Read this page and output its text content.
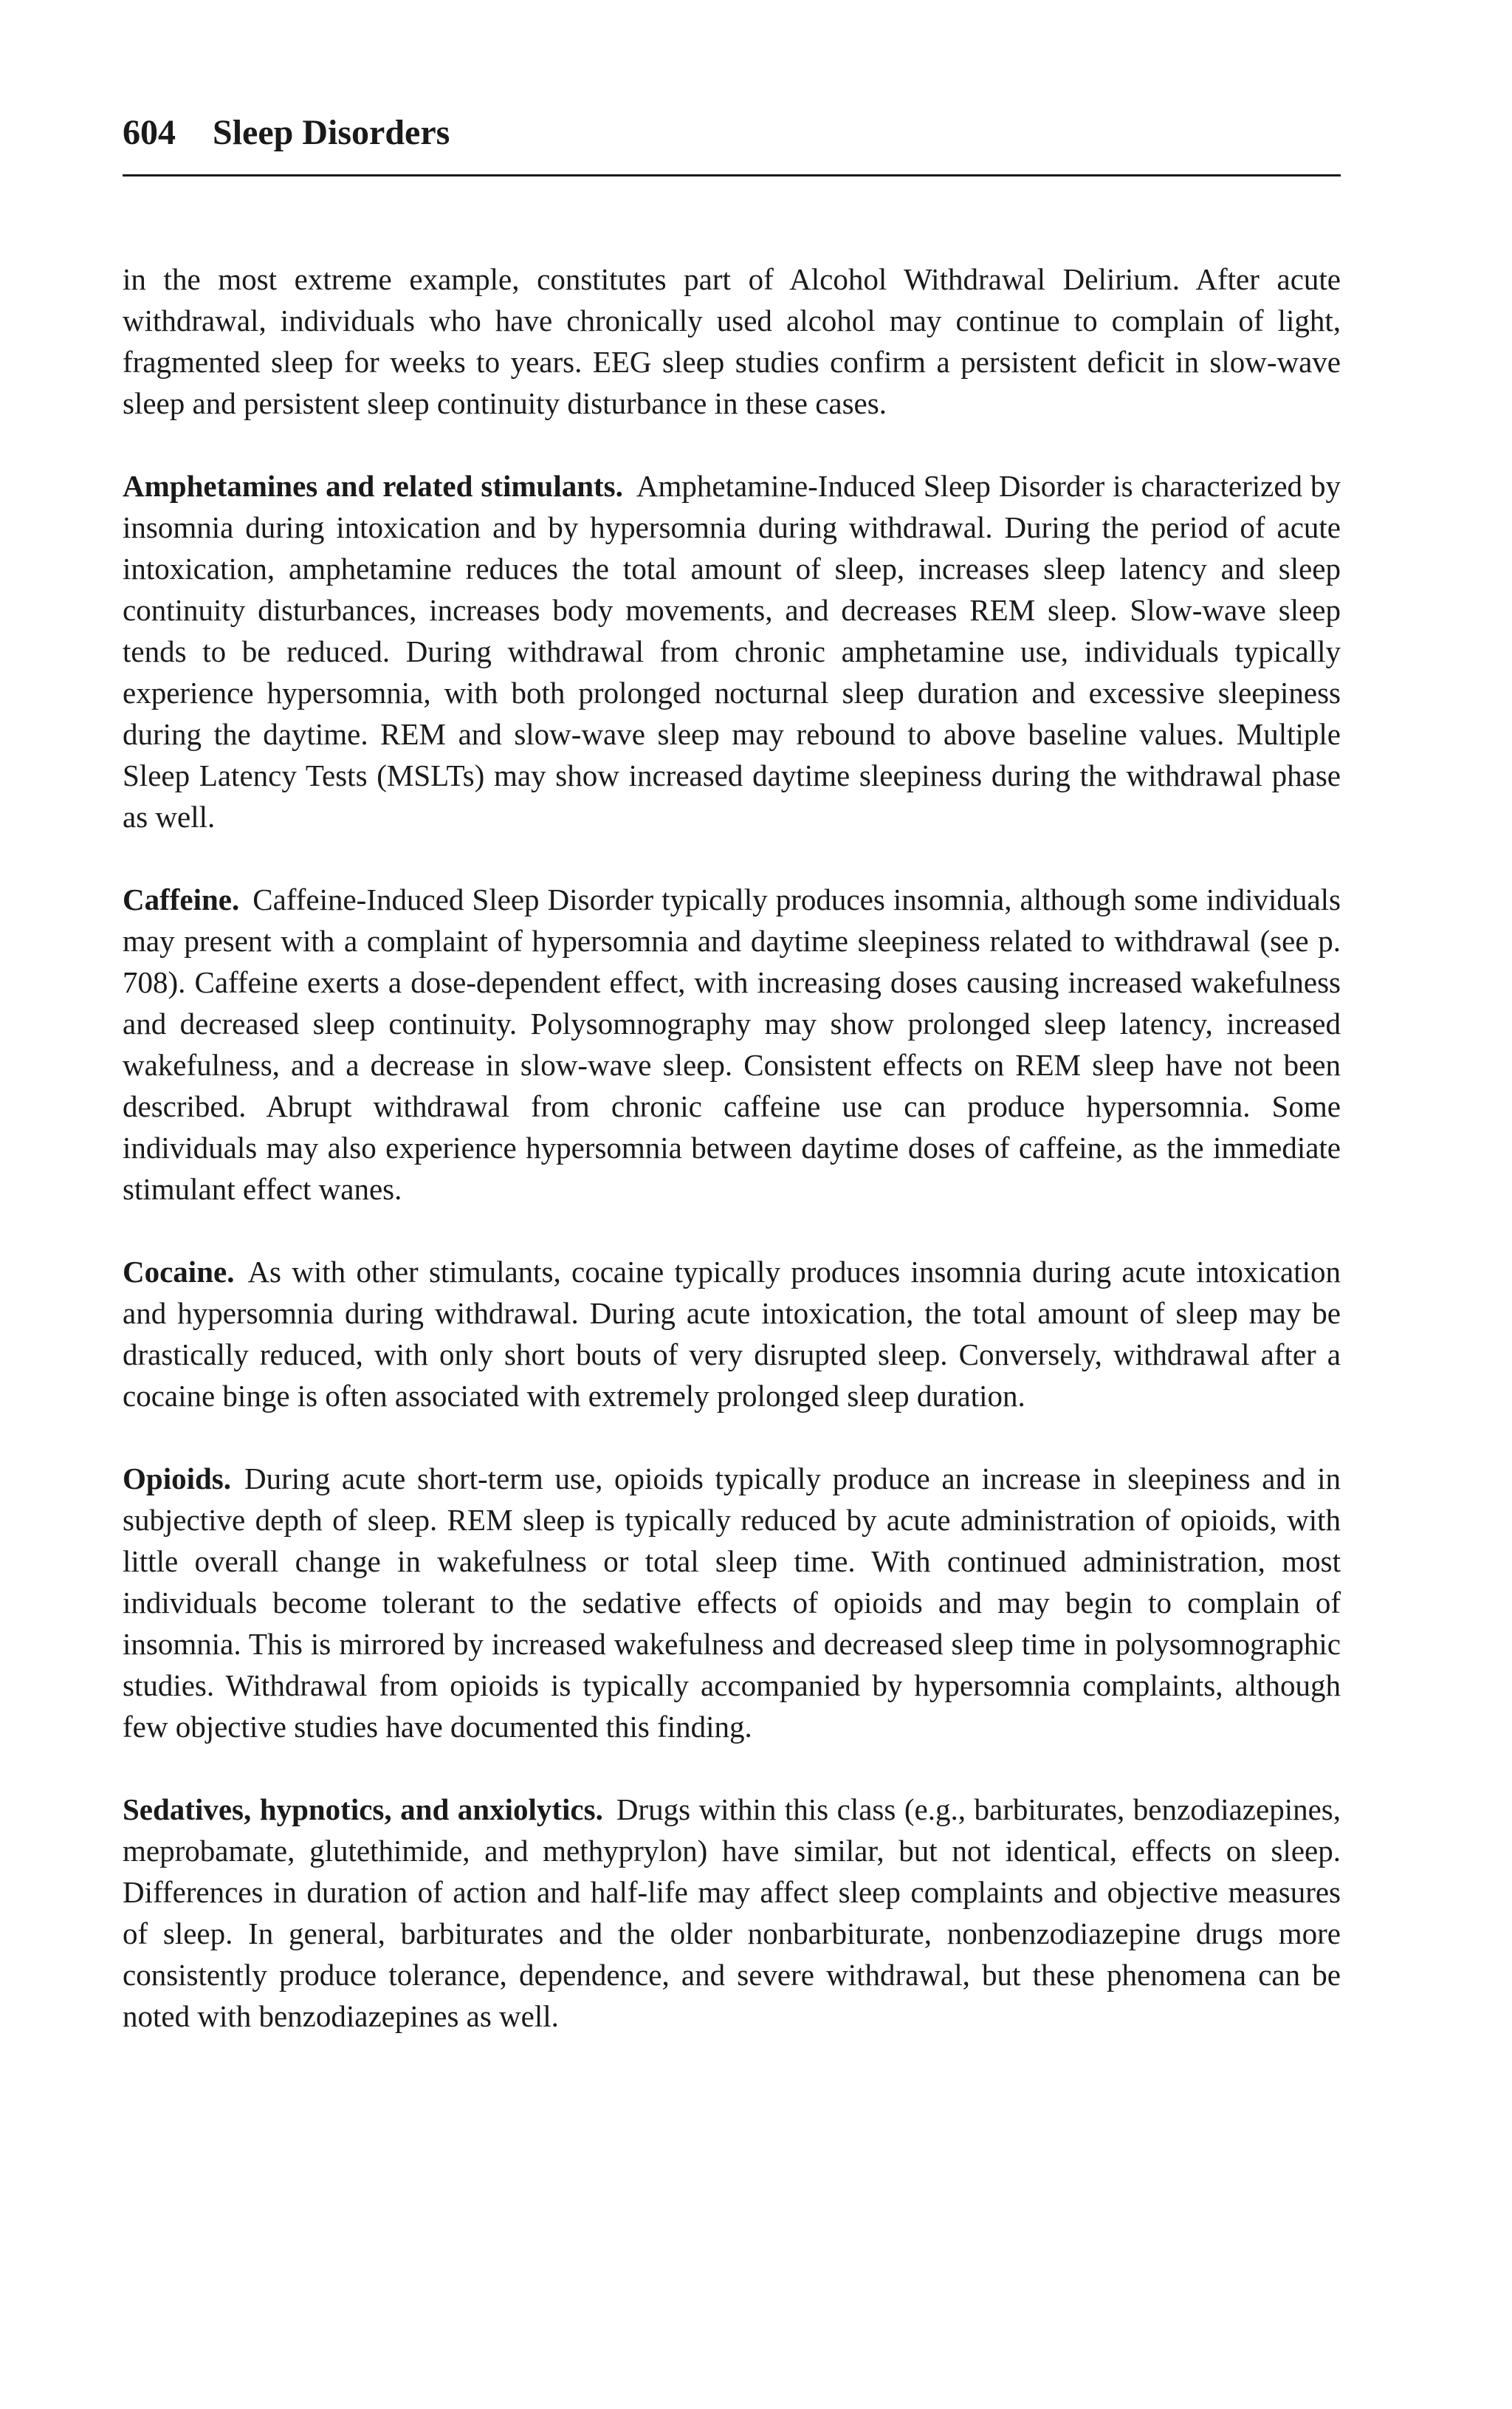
604 Sleep Disorders

in the most extreme example, constitutes part of Alcohol Withdrawal Delirium. After acute withdrawal, individuals who have chronically used alcohol may continue to complain of light, fragmented sleep for weeks to years. EEG sleep studies confirm a persistent deficit in slow-wave sleep and persistent sleep continuity disturbance in these cases.

Amphetamines and related stimulants. Amphetamine-Induced Sleep Disorder is characterized by insomnia during intoxication and by hypersomnia during withdrawal. During the period of acute intoxication, amphetamine reduces the total amount of sleep, increases sleep latency and sleep continuity disturbances, increases body movements, and decreases REM sleep. Slow-wave sleep tends to be reduced. During withdrawal from chronic amphetamine use, individuals typically experience hypersomnia, with both prolonged nocturnal sleep duration and excessive sleepiness during the daytime. REM and slow-wave sleep may rebound to above baseline values. Multiple Sleep Latency Tests (MSLTs) may show increased daytime sleepiness during the withdrawal phase as well.

Caffeine. Caffeine-Induced Sleep Disorder typically produces insomnia, although some individuals may present with a complaint of hypersomnia and daytime sleepiness related to withdrawal (see p. 708). Caffeine exerts a dose-dependent effect, with increasing doses causing increased wakefulness and decreased sleep continuity. Polysomnography may show prolonged sleep latency, increased wakefulness, and a decrease in slow-wave sleep. Consistent effects on REM sleep have not been described. Abrupt withdrawal from chronic caffeine use can produce hypersomnia. Some individuals may also experience hypersomnia between daytime doses of caffeine, as the immediate stimulant effect wanes.

Cocaine. As with other stimulants, cocaine typically produces insomnia during acute intoxication and hypersomnia during withdrawal. During acute intoxication, the total amount of sleep may be drastically reduced, with only short bouts of very disrupted sleep. Conversely, withdrawal after a cocaine binge is often associated with extremely prolonged sleep duration.

Opioids. During acute short-term use, opioids typically produce an increase in sleepiness and in subjective depth of sleep. REM sleep is typically reduced by acute administration of opioids, with little overall change in wakefulness or total sleep time. With continued administration, most individuals become tolerant to the sedative effects of opioids and may begin to complain of insomnia. This is mirrored by increased wakefulness and decreased sleep time in polysomnographic studies. Withdrawal from opioids is typically accompanied by hypersomnia complaints, although few objective studies have documented this finding.

Sedatives, hypnotics, and anxiolytics. Drugs within this class (e.g., barbiturates, benzodiazepines, meprobamate, glutethimide, and methyprylon) have similar, but not identical, effects on sleep. Differences in duration of action and half-life may affect sleep complaints and objective measures of sleep. In general, barbiturates and the older nonbarbiturate, nonbenzodiazepine drugs more consistently produce tolerance, dependence, and severe withdrawal, but these phenomena can be noted with benzodiazepines as well.
